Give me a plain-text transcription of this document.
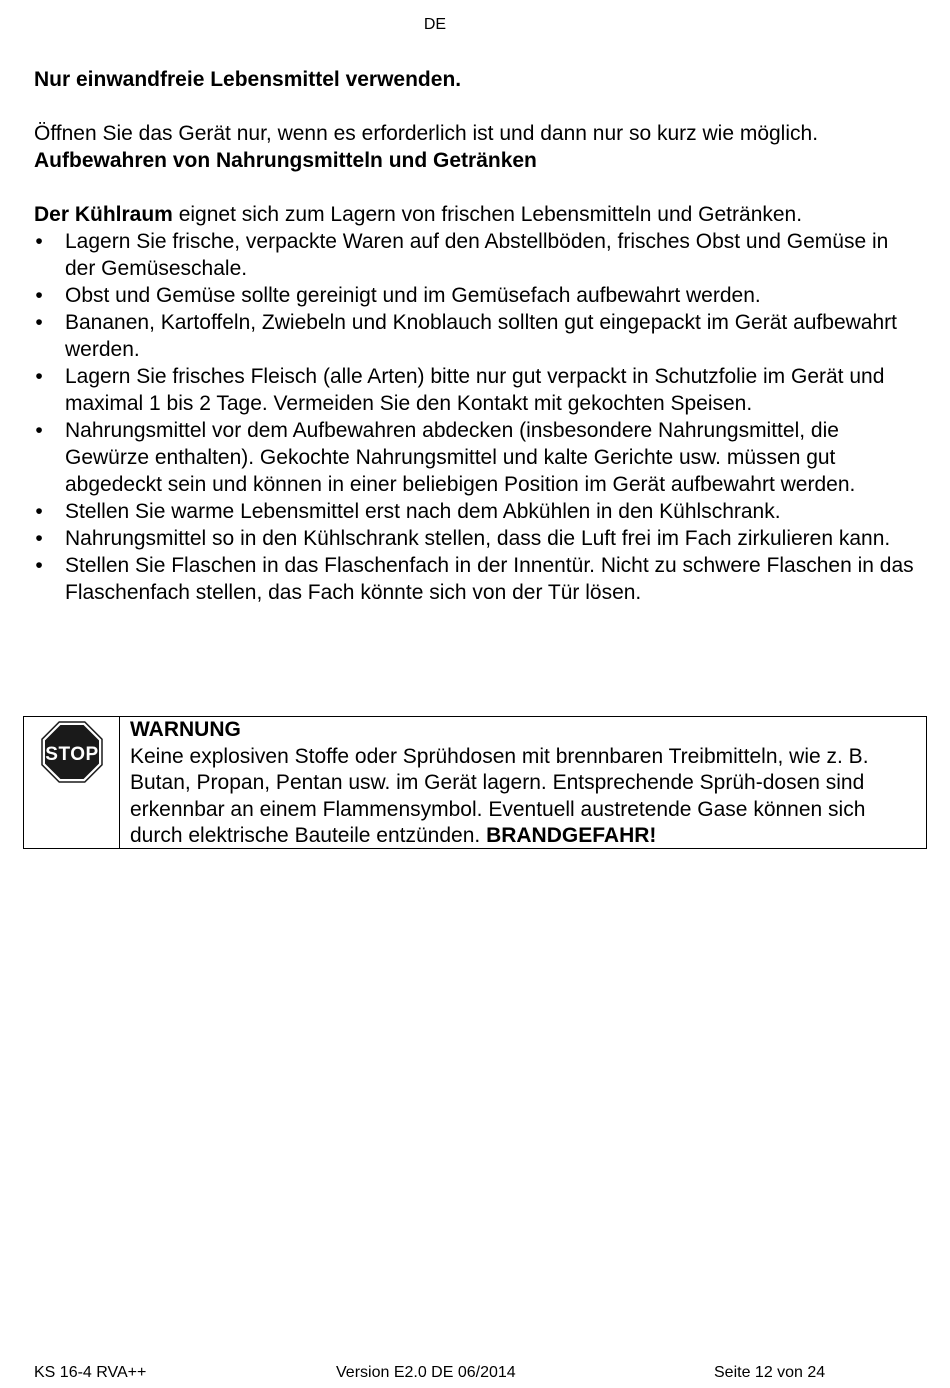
DE

Nur einwandfreie Lebensmittel verwenden.

Öffnen Sie das Gerät nur, wenn es erforderlich ist und dann nur so kurz wie möglich.

Aufbewahren von Nahrungsmitteln und Getränken

Der Kühlraum eignet sich zum Lagern von frischen Lebensmitteln und Getränken.

• Lagern Sie frische, verpackte Waren auf den Abstellböden, frisches Obst und Gemüse in der Gemüseschale.
• Obst und Gemüse sollte gereinigt und im Gemüsefach aufbewahrt werden.
• Bananen, Kartoffeln, Zwiebeln und Knoblauch sollten gut eingepackt im Gerät aufbewahrt werden.
• Lagern Sie frisches Fleisch (alle Arten) bitte nur gut verpackt in Schutzfolie im Gerät und maximal 1 bis 2 Tage. Vermeiden Sie den Kontakt mit gekochten Speisen.
• Nahrungsmittel vor dem Aufbewahren abdecken (insbesondere Nahrungsmittel, die Gewürze enthalten). Gekochte Nahrungsmittel und kalte Gerichte usw. müssen gut abgedeckt sein und können in einer beliebigen Position im Gerät aufbewahrt werden.
• Stellen Sie warme Lebensmittel erst nach dem Abkühlen in den Kühlschrank.
• Nahrungsmittel so in den Kühlschrank stellen, dass die Luft frei im Fach zirkulieren kann.
• Stellen Sie Flaschen in das Flaschenfach in der Innentür. Nicht zu schwere Flaschen in das Flaschenfach stellen, das Fach könnte sich von der Tür lösen.
STOP
WARNUNG
Keine explosiven Stoffe oder Sprühdosen mit brennbaren Treibmitteln, wie z. B. Butan, Propan, Pentan usw. im Gerät lagern. Entsprechende Sprüh-dosen sind erkennbar an einem Flammensymbol. Eventuell austretende Gase können sich durch elektrische Bauteile entzünden. BRANDGEFAHR!
KS 16-4 RVA++	Version E2.0 DE 06/2014	Seite 12 von 24
